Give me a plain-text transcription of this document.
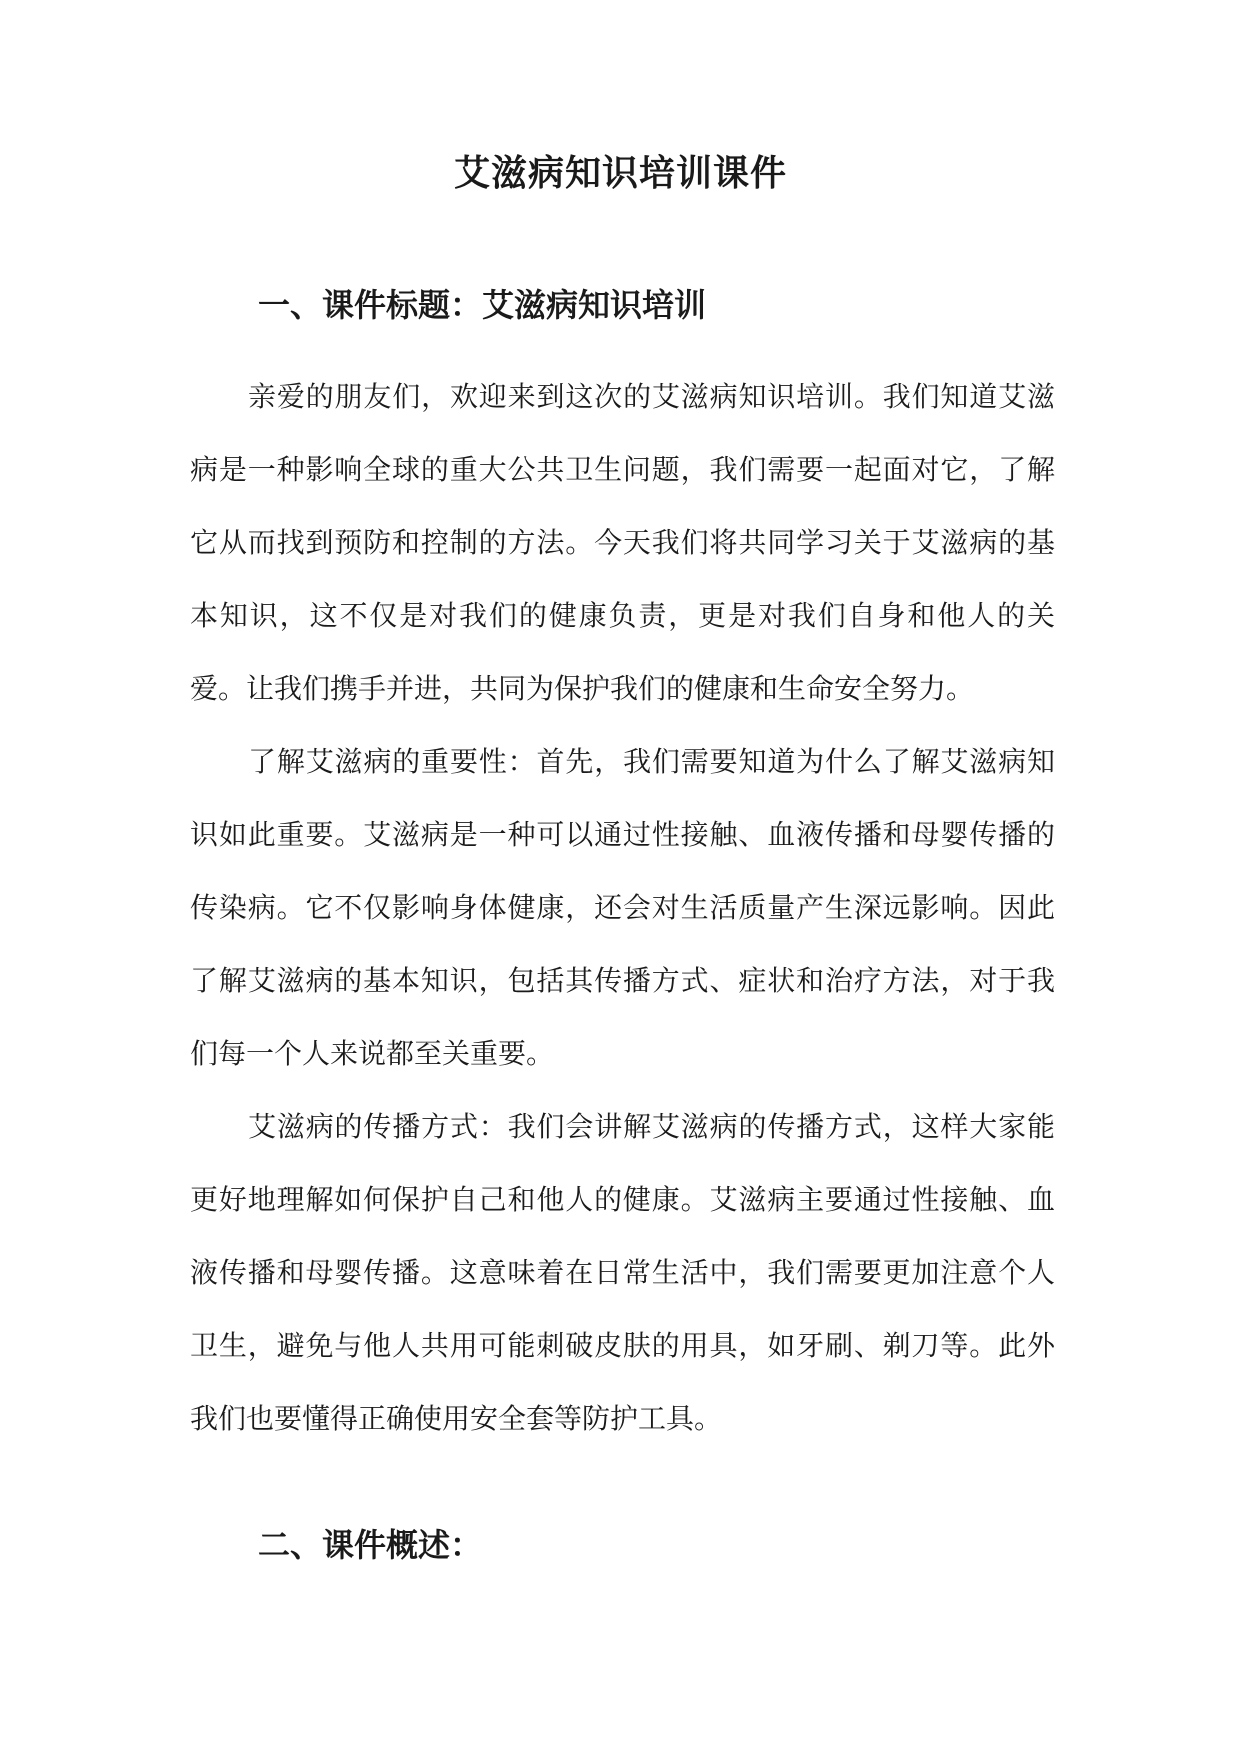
艾滋病知识培训课件
一、课件标题：艾滋病知识培训

亲爱的朋友们，欢迎来到这次的艾滋病知识培训。我们知道艾滋病是一种影响全球的重大公共卫生问题，我们需要一起面对它，了解它从而找到预防和控制的方法。今天我们将共同学习关于艾滋病的基本知识，这不仅是对我们的健康负责，更是对我们自身和他人的关爱。让我们携手并进，共同为保护我们的健康和生命安全努力。

了解艾滋病的重要性：首先，我们需要知道为什么了解艾滋病知识如此重要。艾滋病是一种可以通过性接触、血液传播和母婴传播的传染病。它不仅影响身体健康，还会对生活质量产生深远影响。因此了解艾滋病的基本知识，包括其传播方式、症状和治疗方法，对于我们每一个人来说都至关重要。

艾滋病的传播方式：我们会讲解艾滋病的传播方式，这样大家能更好地理解如何保护自己和他人的健康。艾滋病主要通过性接触、血液传播和母婴传播。这意味着在日常生活中，我们需要更加注意个人卫生，避免与他人共用可能刺破皮肤的用具，如牙刷、剃刀等。此外我们也要懂得正确使用安全套等防护工具。

二、课件概述：
